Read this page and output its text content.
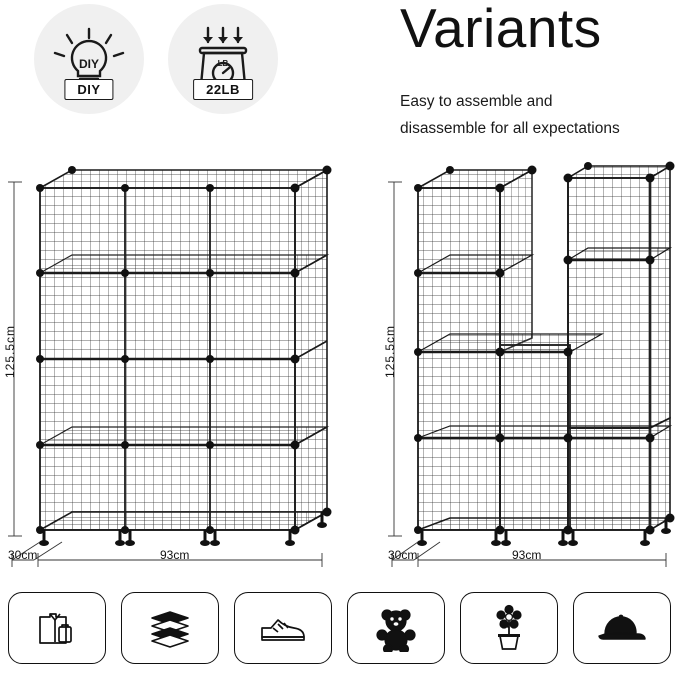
DIY
DIY
LB
22LB
Variants
Easy to assemble and
disassemble for all expectations
125.5cm
93cm
30cm
125.5cm
93cm
30cm
